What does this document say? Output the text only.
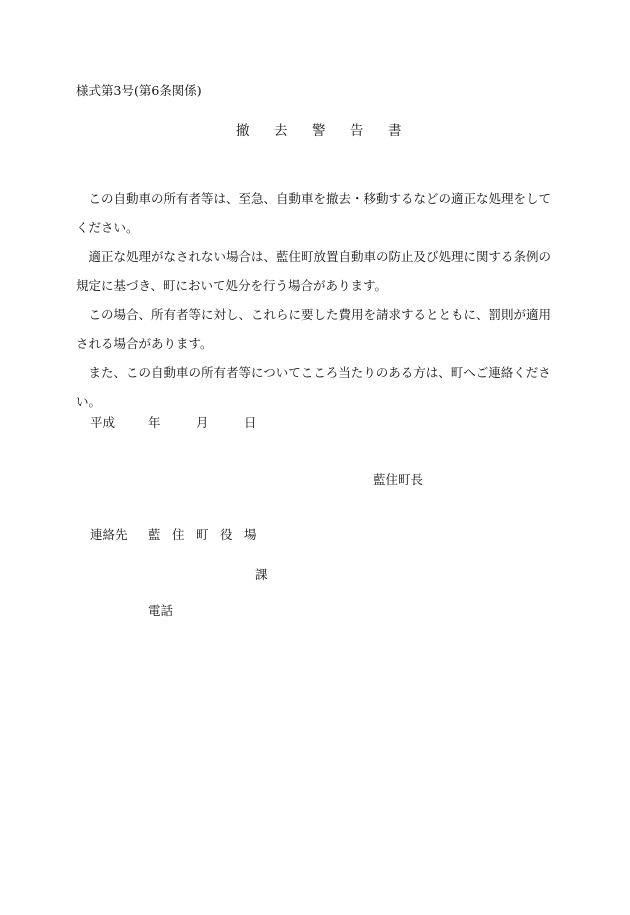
様式第3号(第6条関係)
撤 去 警 告 書

この自動車の所有者等は、至急、自動車を撤去・移動するなどの適正な処理をしてください。

適正な処理がなされない場合は、藍住町放置自動車の防止及び処理に関する条例の規定に基づき、町において処分を行う場合があります。

この場合、所有者等に対し、これらに要した費用を請求するとともに、罰則が適用される場合があります。

また、この自動車の所有者等についてこころ当たりのある方は、町へご連絡ください。

平成	年	月	日
藍住町長
連絡先 藍 住 町 役 場
課
電話
